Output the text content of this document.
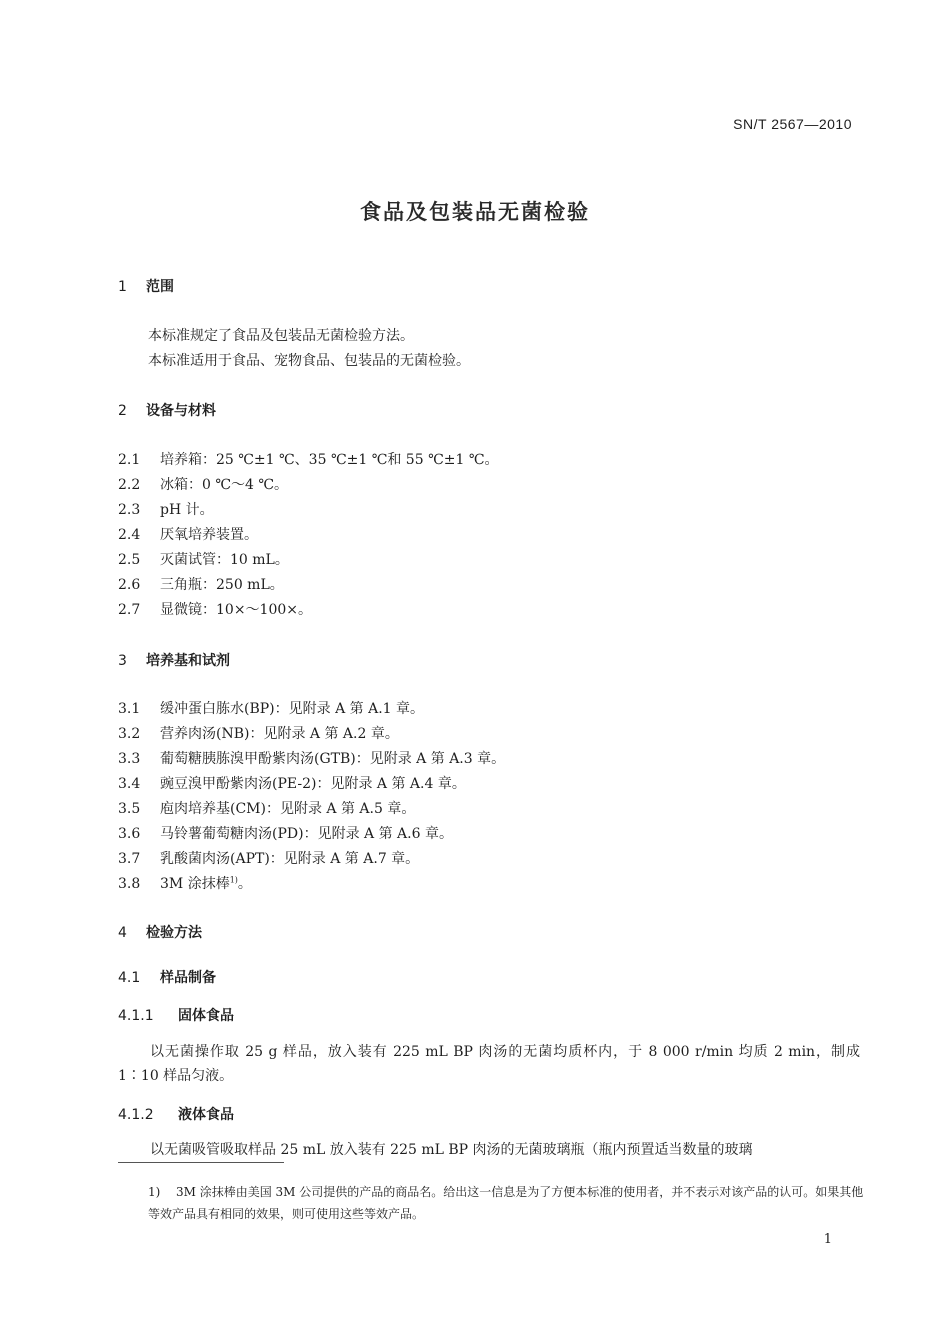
SN/T 2567—2010
食品及包装品无菌检验
1 范围
本标准规定了食品及包装品无菌检验方法。
本标准适用于食品、宠物食品、包装品的无菌检验。
2 设备与材料
2.1 培养箱：25 ℃±1 ℃、35 ℃±1 ℃和 55 ℃±1 ℃。
2.2 冰箱：0 ℃～4 ℃。
2.3 pH 计。
2.4 厌氧培养装置。
2.5 灭菌试管：10 mL。
2.6 三角瓶：250 mL。
2.7 显微镜：10×～100×。
3 培养基和试剂
3.1 缓冲蛋白胨水(BP)：见附录 A 第 A.1 章。
3.2 营养肉汤(NB)：见附录 A 第 A.2 章。
3.3 葡萄糖胰胨溴甲酚紫肉汤(GTB)：见附录 A 第 A.3 章。
3.4 豌豆溴甲酚紫肉汤(PE-2)：见附录 A 第 A.4 章。
3.5 庖肉培养基(CM)：见附录 A 第 A.5 章。
3.6 马铃薯葡萄糖肉汤(PD)：见附录 A 第 A.6 章。
3.7 乳酸菌肉汤(APT)：见附录 A 第 A.7 章。
3.8 3M 涂抹棒$^{1)}$。
4 检验方法
4.1 样品制备
4.1.1 固体食品
以无菌操作取 25 g 样品，放入装有 225 mL BP 肉汤的无菌均质杯内，于 8 000 r/min 均质 2 min，制成 1∶10 样品匀液。
4.1.2 液体食品
以无菌吸管吸取样品 25 mL 放入装有 225 mL BP 肉汤的无菌玻璃瓶（瓶内预置适当数量的玻璃
1) 3M 涂抹棒由美国 3M 公司提供的产品的商品名。给出这一信息是为了方便本标准的使用者，并不表示对该产品的认可。如果其他等效产品具有相同的效果，则可使用这些等效产品。
1
